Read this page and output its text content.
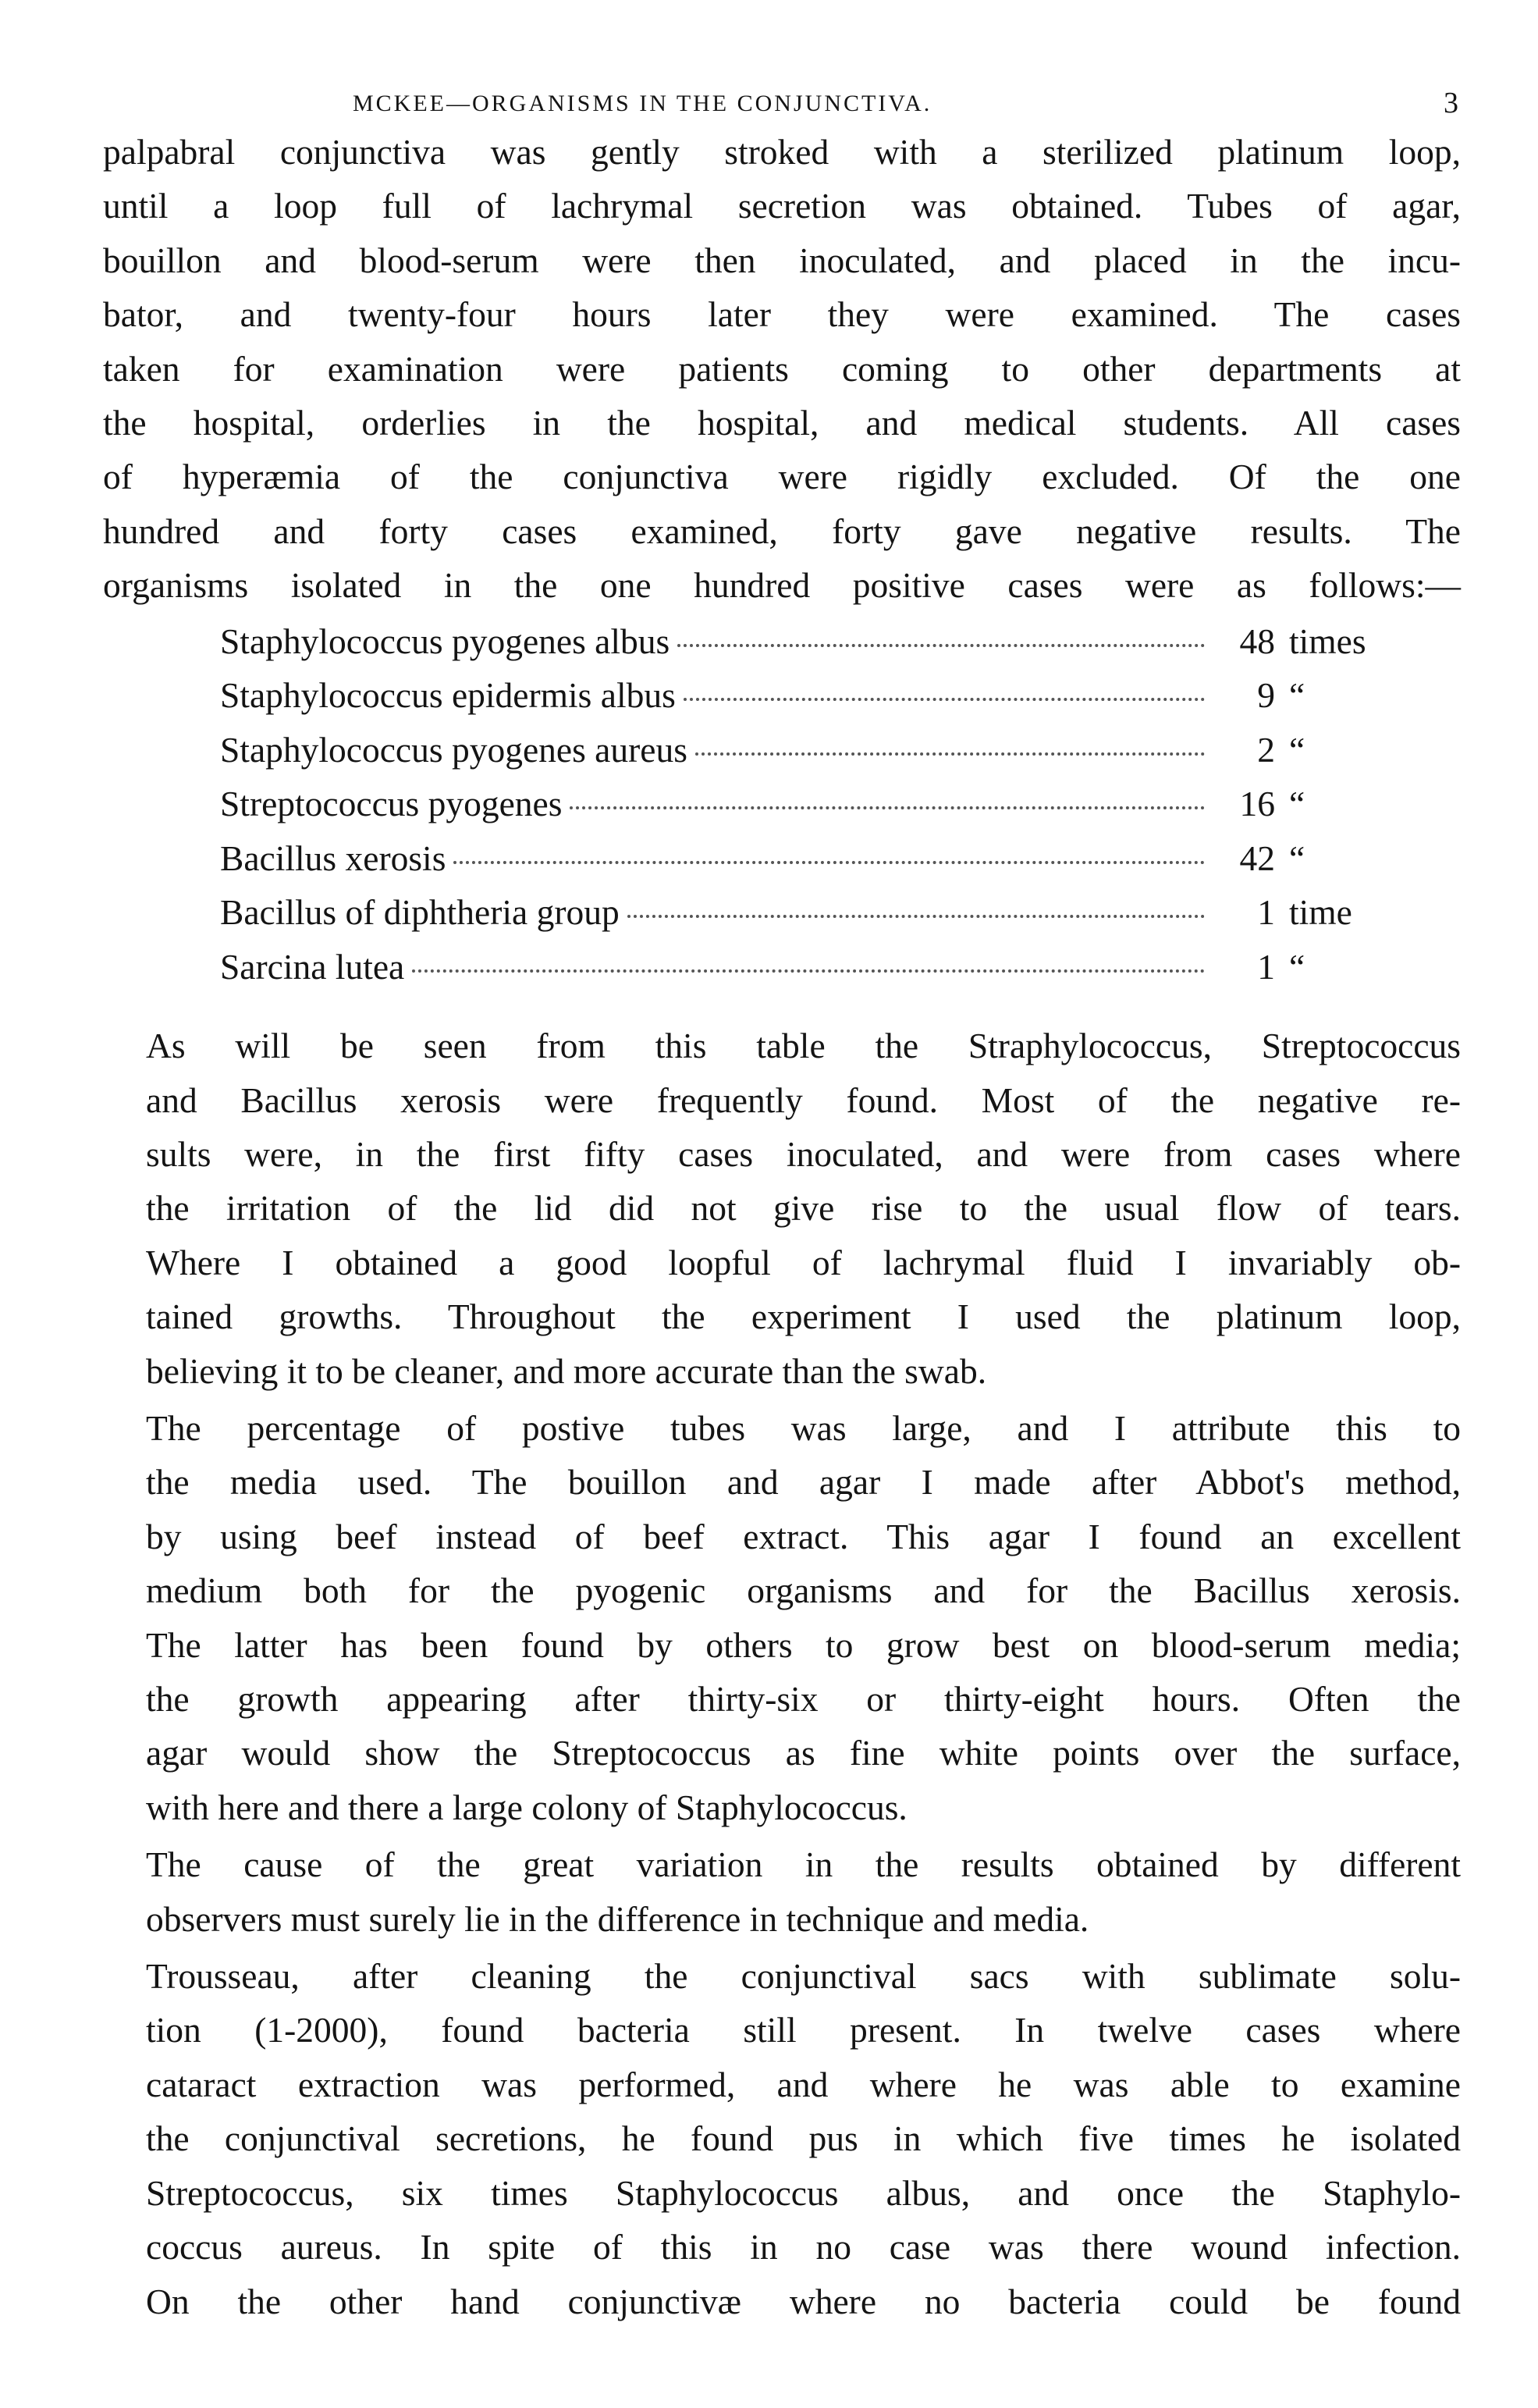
MCKEE—ORGANISMS IN THE CONJUNCTIVA.	3

palpabral conjunctiva was gently stroked with a sterilized platinum loop,
until a loop full of lachrymal secretion was obtained. Tubes of agar,
bouillon and blood-serum were then inoculated, and placed in the incu-
bator, and twenty-four hours later they were examined. The cases
taken for examination were patients coming to other departments at
the hospital, orderlies in the hospital, and medical students. All cases
of hyperæmia of the conjunctiva were rigidly excluded. Of the one
hundred and forty cases examined, forty gave negative results. The
organisms isolated in the one hundred positive cases were as follows:—

Staphylococcus pyogenes albus	48 times
Staphylococcus epidermis albus	9 “
Staphylococcus pyogenes aureus	2 “
Streptococcus pyogenes	16 “
Bacillus xerosis	42 “
Bacillus of diphtheria group	1 time
Sarcina lutea	1 “

As will be seen from this table the Straphylococcus, Streptococcus
and Bacillus xerosis were frequently found. Most of the negative re-
sults were, in the first fifty cases inoculated, and were from cases where
the irritation of the lid did not give rise to the usual flow of tears.
Where I obtained a good loopful of lachrymal fluid I invariably ob-
tained growths. Throughout the experiment I used the platinum loop,
believing it to be cleaner, and more accurate than the swab.

The percentage of postive tubes was large, and I attribute this to
the media used. The bouillon and agar I made after Abbot's method,
by using beef instead of beef extract. This agar I found an excellent
medium both for the pyogenic organisms and for the Bacillus xerosis.
The latter has been found by others to grow best on blood-serum media;
the growth appearing after thirty-six or thirty-eight hours. Often the
agar would show the Streptococcus as fine white points over the surface,
with here and there a large colony of Staphylococcus.

The cause of the great variation in the results obtained by different
observers must surely lie in the difference in technique and media.

Trousseau, after cleaning the conjunctival sacs with sublimate solu-
tion (1-2000), found bacteria still present. In twelve cases where
cataract extraction was performed, and where he was able to examine
the conjunctival secretions, he found pus in which five times he isolated
Streptococcus, six times Staphylococcus albus, and once the Staphylo-
coccus aureus. In spite of this in no case was there wound infection.

On the other hand conjunctivæ where no bacteria could be found
